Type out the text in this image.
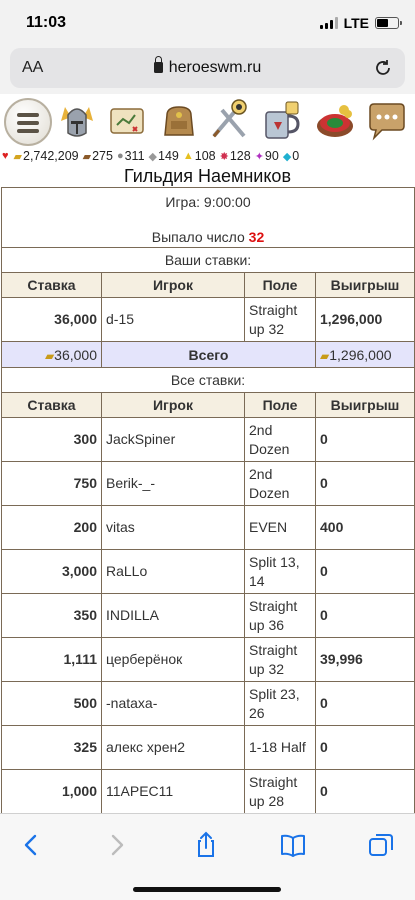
11:03	LTE
AA	heroeswm.ru
♥ ▰ 2,742,209 ▰ 275 ● 311 ◆ 149 ▲ 108 ✸ 128 ✦ 90 ◆ 0
Гильдия Наемников
Игра: 9:00:00
Выпало число 32			

Ваши ставки:			
Ставка	Игрок	Поле	Выигрыш
36,000	d-15	Straight up 32	1,296,000
▰36,000	Всего		▰1,296,000
Все ставки:			
Ставка	Игрок	Поле	Выигрыш
300	JackSpiner	2nd Dozen	0
750	Berik-_-	2nd Dozen	0
200	vitas	EVEN	400
3,000	RaLLo	Split 13, 14	0
350	INDILLA	Straight up 36	0
1,111	церберёнок	Straight up 32	39,996
500	-nataxa-	Split 23, 26	0
325	алекс хрен2	1-18 Half	0
1,000	11APEC11	Straight up 28	0
